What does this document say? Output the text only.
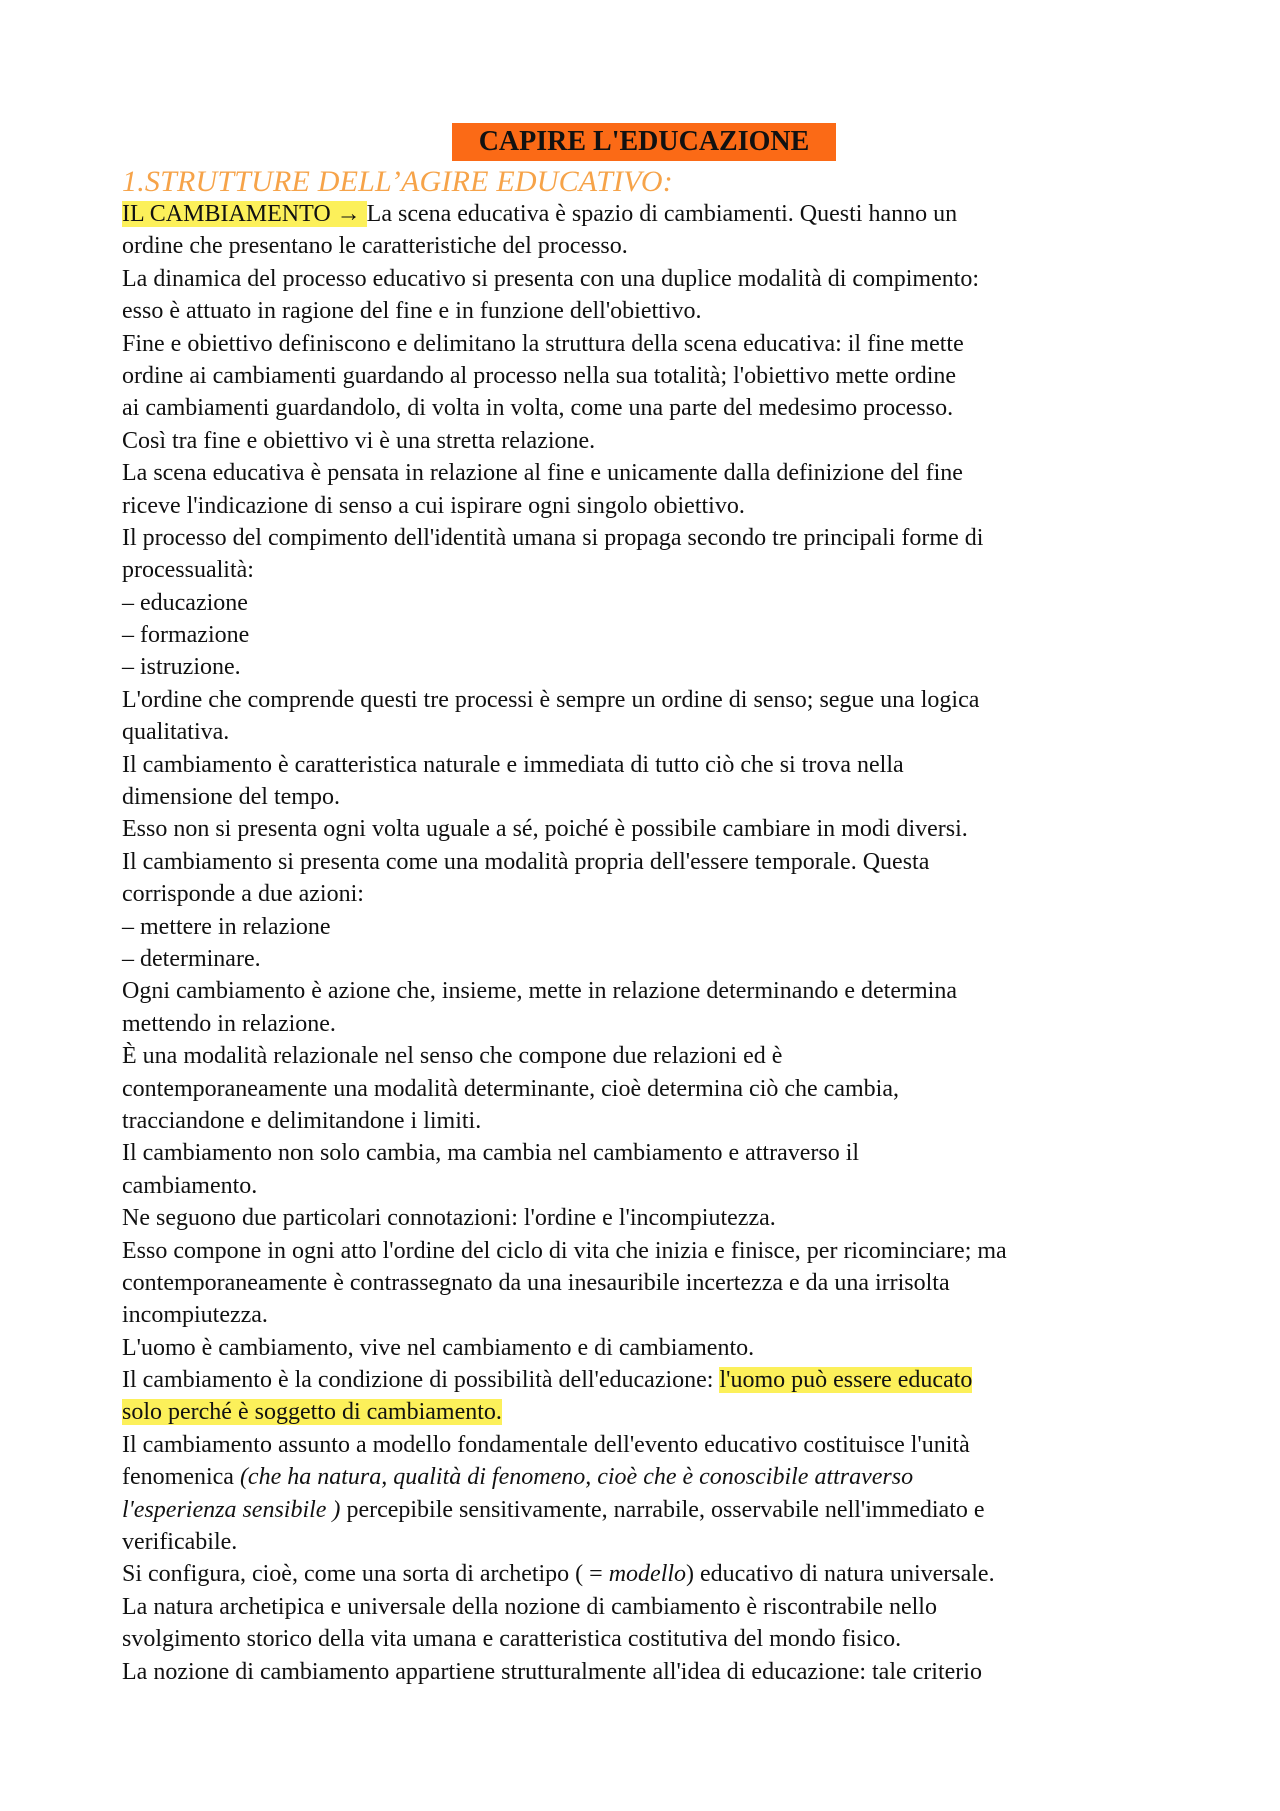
CAPIRE L'EDUCAZIONE
1.STRUTTURE DELL’AGIRE EDUCATIVO:
IL CAMBIAMENTO → La scena educativa è spazio di cambiamenti. Questi hanno un
ordine che presentano le caratteristiche del processo.
La dinamica del processo educativo si presenta con una duplice modalità di compimento:
esso è attuato in ragione del fine e in funzione dell'obiettivo.
Fine e obiettivo definiscono e delimitano la struttura della scena educativa: il fine mette
ordine ai cambiamenti guardando al processo nella sua totalità; l'obiettivo mette ordine
ai cambiamenti guardandolo, di volta in volta, come una parte del medesimo processo.
Così tra fine e obiettivo vi è una stretta relazione.
La scena educativa è pensata in relazione al fine e unicamente dalla definizione del fine
riceve l'indicazione di senso a cui ispirare ogni singolo obiettivo.
Il processo del compimento dell'identità umana si propaga secondo tre principali forme di
processualità:
– educazione
– formazione
– istruzione.
L'ordine che comprende questi tre processi è sempre un ordine di senso; segue una logica
qualitativa.
Il cambiamento è caratteristica naturale e immediata di tutto ciò che si trova nella
dimensione del tempo.
Esso non si presenta ogni volta uguale a sé, poiché è possibile cambiare in modi diversi.
Il cambiamento si presenta come una modalità propria dell'essere temporale. Questa
corrisponde a due azioni:
– mettere in relazione
– determinare.
Ogni cambiamento è azione che, insieme, mette in relazione determinando e determina
mettendo in relazione.
È una modalità relazionale nel senso che compone due relazioni ed è
contemporaneamente una modalità determinante, cioè determina ciò che cambia,
tracciandone e delimitandone i limiti.
Il cambiamento non solo cambia, ma cambia nel cambiamento e attraverso il
cambiamento.
Ne seguono due particolari connotazioni: l'ordine e l'incompiutezza.
Esso compone in ogni atto l'ordine del ciclo di vita che inizia e finisce, per ricominciare; ma
contemporaneamente è contrassegnato da una inesauribile incertezza e da una irrisolta
incompiutezza.
L'uomo è cambiamento, vive nel cambiamento e di cambiamento.
Il cambiamento è la condizione di possibilità dell'educazione: l'uomo può essere educato
solo perché è soggetto di cambiamento.
Il cambiamento assunto a modello fondamentale dell'evento educativo costituisce l'unità
fenomenica (che ha natura, qualità di fenomeno, cioè che è conoscibile attraverso
l'esperienza sensibile ) percepibile sensitivamente, narrabile, osservabile nell'immediato e
verificabile.
Si configura, cioè, come una sorta di archetipo ( = modello) educativo di natura universale.
La natura archetipica e universale della nozione di cambiamento è riscontrabile nello
svolgimento storico della vita umana e caratteristica costitutiva del mondo fisico.
La nozione di cambiamento appartiene strutturalmente all'idea di educazione: tale criterio
